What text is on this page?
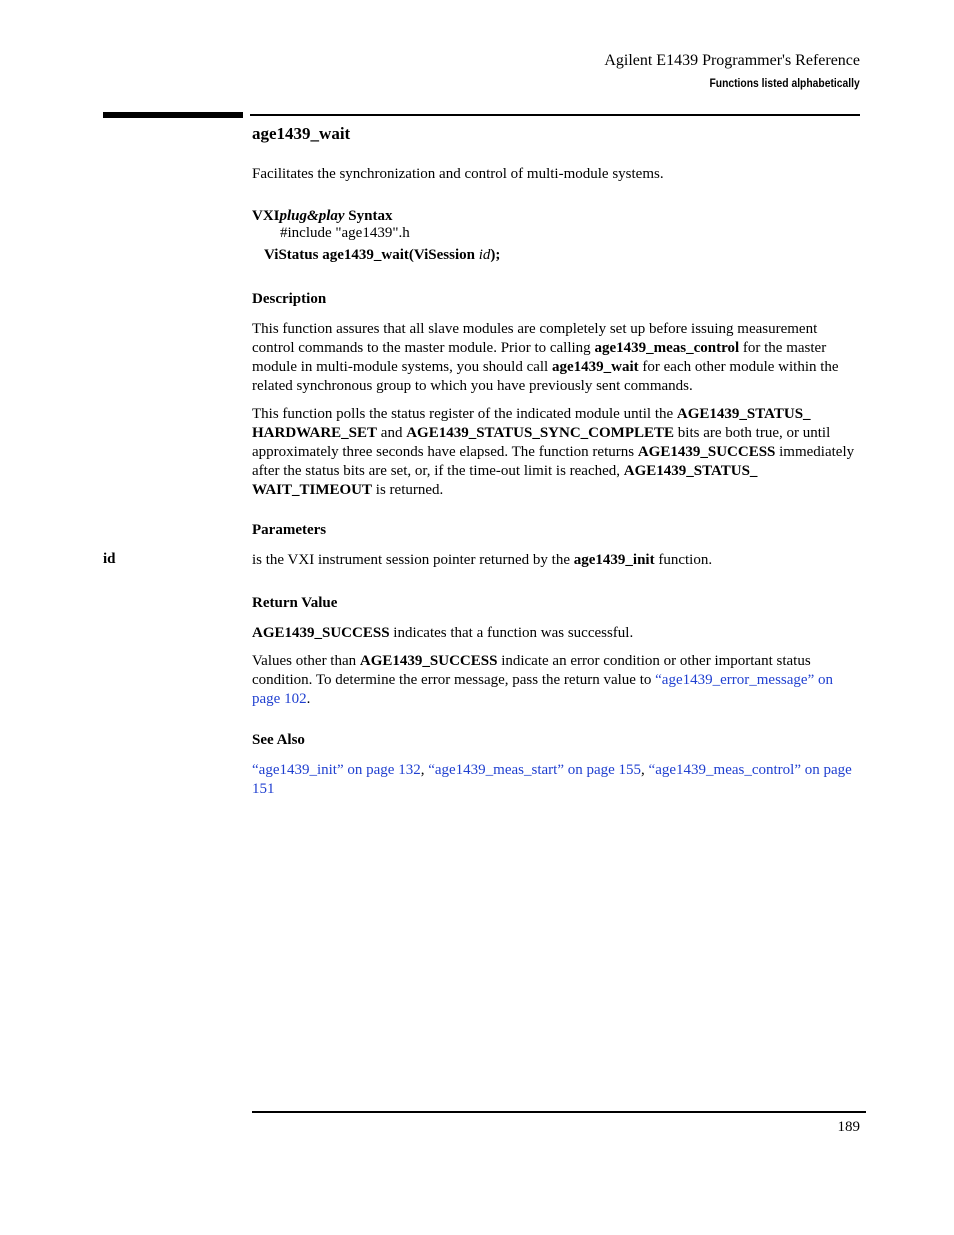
Agilent E1439 Programmer's Reference
Functions listed alphabetically
age1439_wait

Facilitates the synchronization and control of multi-module systems.

VXIplug&play Syntax
#include "age1439".h
ViStatus age1439_wait(ViSession id);
Description

This function assures that all slave modules are completely set up before issuing measurement control commands to the master module. Prior to calling age1439_meas_control for the master module in multi-module systems, you should call age1439_wait for each other module within the related synchronous group to which you have previously sent commands.

This function polls the status register of the indicated module until the AGE1439_STATUS_ HARDWARE_SET and AGE1439_STATUS_SYNC_COMPLETE bits are both true, or until approximately three seconds have elapsed. The function returns AGE1439_SUCCESS immediately after the status bits are set, or, if the time-out limit is reached, AGE1439_STATUS_ WAIT_TIMEOUT is returned.

Parameters
id	is the VXI instrument session pointer returned by the age1439_init function.

Return Value

AGE1439_SUCCESS indicates that a function was successful.

Values other than AGE1439_SUCCESS indicate an error condition or other important status condition. To determine the error message, pass the return value to “age1439_error_message” on page 102.

See Also

“age1439_init” on page 132, “age1439_meas_start” on page 155, “age1439_meas_control” on page 151

189
